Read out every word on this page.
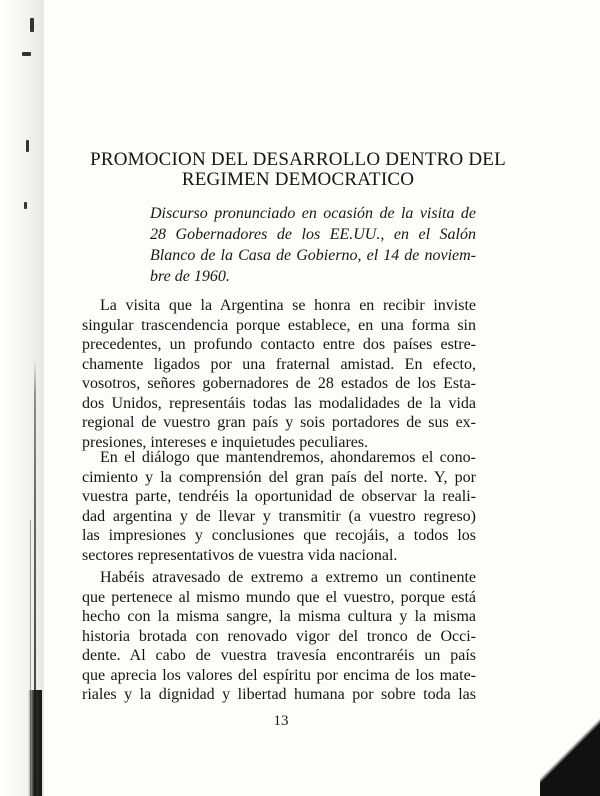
PROMOCION DEL DESARROLLO DENTRO DEL
REGIMEN DEMOCRATICO

Discurso pronunciado en ocasión de la visita de
28 Gobernadores de los EE.UU., en el Salón
Blanco de la Casa de Gobierno, el 14 de noviem-
bre de 1960.

La visita que la Argentina se honra en recibir inviste
singular trascendencia porque establece, en una forma sin
precedentes, un profundo contacto entre dos países estre-
chamente ligados por una fraternal amistad. En efecto,
vosotros, señores gobernadores de 28 estados de los Esta-
dos Unidos, representáis todas las modalidades de la vida
regional de vuestro gran país y sois portadores de sus ex-
presiones, intereses e inquietudes peculiares.

En el diálogo que mantendremos, ahondaremos el cono-
cimiento y la comprensión del gran país del norte. Y, por
vuestra parte, tendréis la oportunidad de observar la reali-
dad argentina y de llevar y transmitir (a vuestro regreso)
las impresiones y conclusiones que recojáis, a todos los
sectores representativos de vuestra vida nacional.

Habéis atravesado de extremo a extremo un continente
que pertenece al mismo mundo que el vuestro, porque está
hecho con la misma sangre, la misma cultura y la misma
historia brotada con renovado vigor del tronco de Occi-
dente. Al cabo de vuestra travesía encontraréis un país
que aprecia los valores del espíritu por encima de los mate-
riales y la dignidad y libertad humana por sobre toda las

13
